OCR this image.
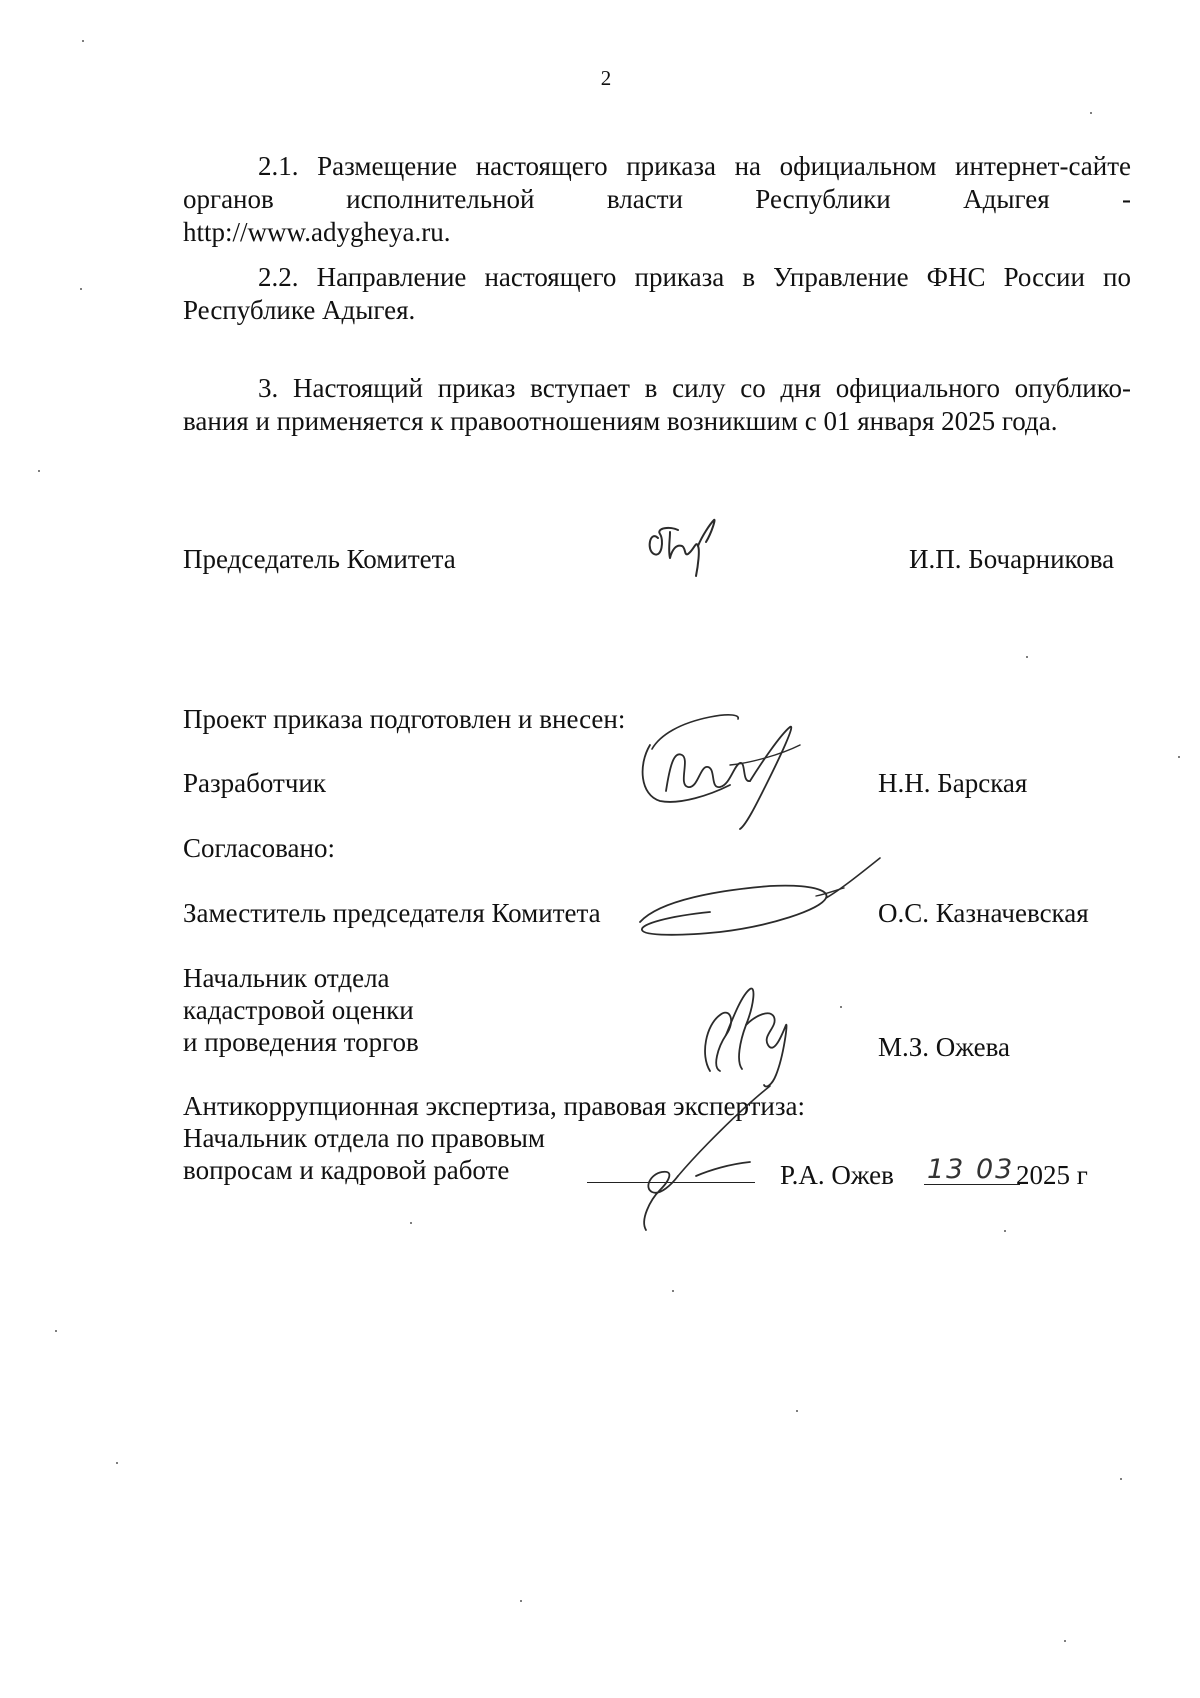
2
2.1. Размещение настоящего приказа на официальном интернет-сайте
органов исполнительной власти Республики Адыгея -
http://www.adygheya.ru.
2.2. Направление настоящего приказа в Управление ФНС России по
Республике Адыгея.
3. Настоящий приказ вступает в силу со дня официального опублико-
вания и применяется к правоотношениям возникшим с 01 января 2025 года.
Председатель Комитета	И.П. Бочарникова
Проект приказа подготовлен и внесен:
Разработчик	Н.Н. Барская
Согласовано:
Заместитель председателя Комитета	О.С. Казначевская
Начальник отдела
кадастровой оценки
и проведения торгов	М.З. Ожева
Антикоррупционная экспертиза, правовая экспертиза:
Начальник отдела по правовым
вопросам и кадровой работе	Р.А. Ожев 13 03 2025 г
